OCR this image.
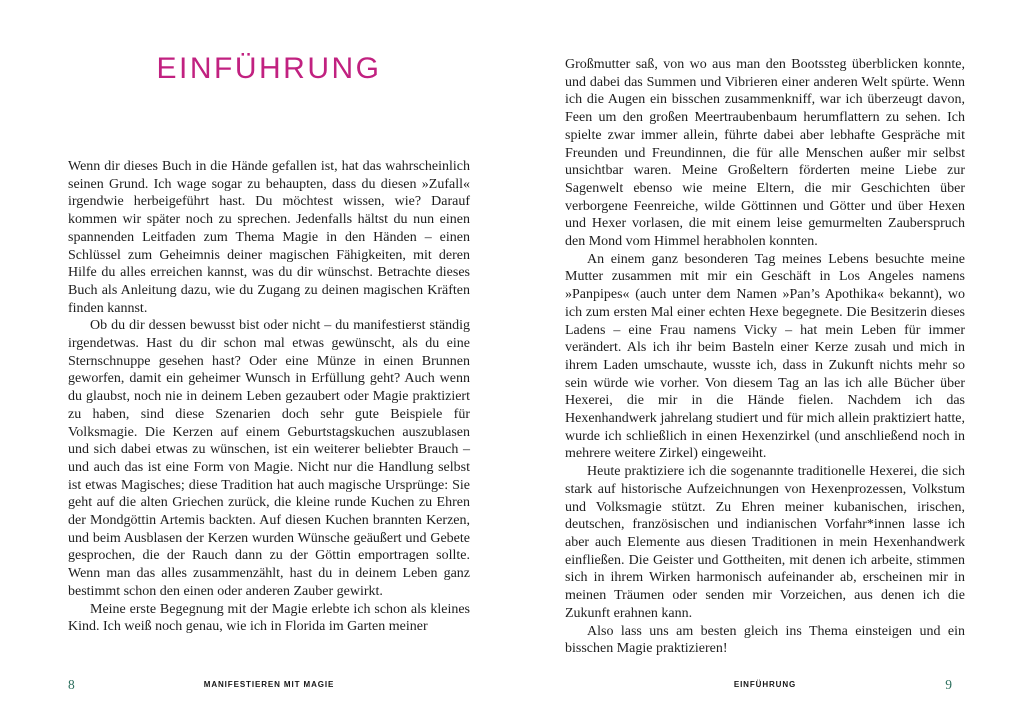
EINFÜHRUNG

Wenn dir dieses Buch in die Hände gefallen ist, hat das wahrscheinlich seinen Grund. Ich wage sogar zu behaupten, dass du diesen »Zufall« irgendwie herbeigeführt hast. Du möchtest wissen, wie? Darauf kommen wir später noch zu sprechen. Jedenfalls hältst du nun einen spannenden Leitfaden zum Thema Magie in den Händen – einen Schlüssel zum Geheimnis deiner magischen Fähigkeiten, mit deren Hilfe du alles erreichen kannst, was du dir wünschst. Betrachte dieses Buch als Anleitung dazu, wie du Zugang zu deinen magischen Kräften finden kannst.

Ob du dir dessen bewusst bist oder nicht – du manifestierst ständig irgendetwas. Hast du dir schon mal etwas gewünscht, als du eine Sternschnuppe gesehen hast? Oder eine Münze in einen Brunnen geworfen, damit ein geheimer Wunsch in Erfüllung geht? Auch wenn du glaubst, noch nie in deinem Leben gezaubert oder Magie praktiziert zu haben, sind diese Szenarien doch sehr gute Beispiele für Volksmagie. Die Kerzen auf einem Geburtstagskuchen auszublasen und sich dabei etwas zu wünschen, ist ein weiterer beliebter Brauch – und auch das ist eine Form von Magie. Nicht nur die Handlung selbst ist etwas Magisches; diese Tradition hat auch magische Ursprünge: Sie geht auf die alten Griechen zurück, die kleine runde Kuchen zu Ehren der Mondgöttin Artemis backten. Auf diesen Kuchen brannten Kerzen, und beim Ausblasen der Kerzen wurden Wünsche geäußert und Gebete gesprochen, die der Rauch dann zu der Göttin emportragen sollte. Wenn man das alles zusammenzählt, hast du in deinem Leben ganz bestimmt schon den einen oder anderen Zauber gewirkt.

Meine erste Begegnung mit der Magie erlebte ich schon als kleines Kind. Ich weiß noch genau, wie ich in Florida im Garten meiner

8	MANIFESTIEREN MIT MAGIE

Großmutter saß, von wo aus man den Bootssteg überblicken konnte, und dabei das Summen und Vibrieren einer anderen Welt spürte. Wenn ich die Augen ein bisschen zusammenkniff, war ich überzeugt davon, Feen um den großen Meertraubenbaum herumflattern zu sehen. Ich spielte zwar immer allein, führte dabei aber lebhafte Gespräche mit Freunden und Freundinnen, die für alle Menschen außer mir selbst unsichtbar waren. Meine Großeltern förderten meine Liebe zur Sagenwelt ebenso wie meine Eltern, die mir Geschichten über verborgene Feenreiche, wilde Göttinnen und Götter und über Hexen und Hexer vorlasen, die mit einem leise gemurmelten Zauberspruch den Mond vom Himmel herabholen konnten.

An einem ganz besonderen Tag meines Lebens besuchte meine Mutter zusammen mit mir ein Geschäft in Los Angeles namens »Panpipes« (auch unter dem Namen »Pan’s Apothika« bekannt), wo ich zum ersten Mal einer echten Hexe begegnete. Die Besitzerin dieses Ladens – eine Frau namens Vicky – hat mein Leben für immer verändert. Als ich ihr beim Basteln einer Kerze zusah und mich in ihrem Laden umschaute, wusste ich, dass in Zukunft nichts mehr so sein würde wie vorher. Von diesem Tag an las ich alle Bücher über Hexerei, die mir in die Hände fielen. Nachdem ich das Hexenhandwerk jahrelang studiert und für mich allein praktiziert hatte, wurde ich schließlich in einen Hexenzirkel (und anschließend noch in mehrere weitere Zirkel) eingeweiht.

Heute praktiziere ich die sogenannte traditionelle Hexerei, die sich stark auf historische Aufzeichnungen von Hexenprozessen, Volkstum und Volksmagie stützt. Zu Ehren meiner kubanischen, irischen, deutschen, französischen und indianischen Vorfahr*innen lasse ich aber auch Elemente aus diesen Traditionen in mein Hexenhandwerk einfließen. Die Geister und Gottheiten, mit denen ich arbeite, stimmen sich in ihrem Wirken harmonisch aufeinander ab, erscheinen mir in meinen Träumen oder senden mir Vorzeichen, aus denen ich die Zukunft erahnen kann.

Also lass uns am besten gleich ins Thema einsteigen und ein bisschen Magie praktizieren!

EINFÜHRUNG	9
